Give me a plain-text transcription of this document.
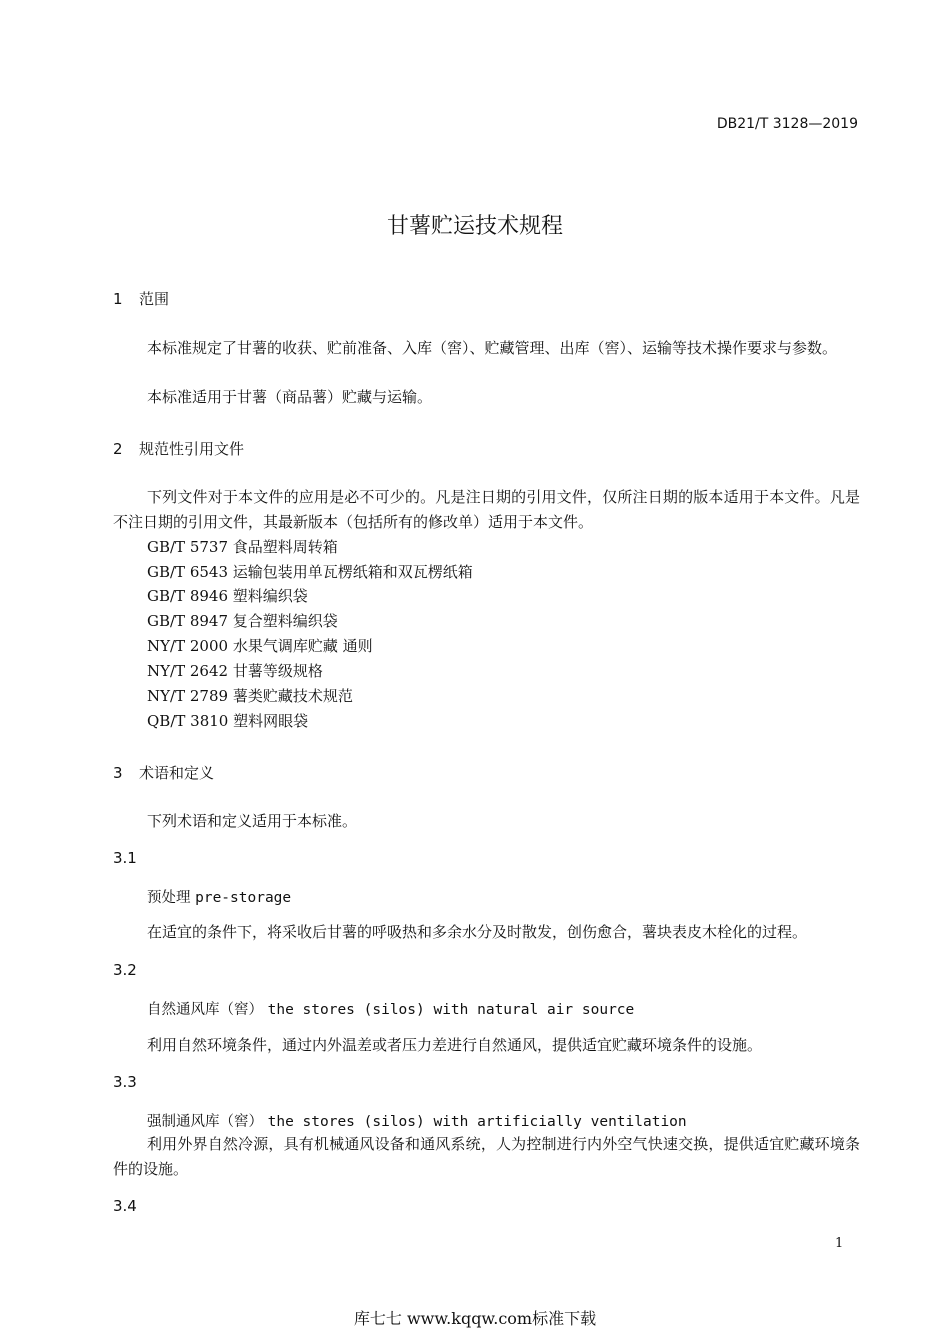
DB21/T 3128—2019
甘薯贮运技术规程
1 范围
本标准规定了甘薯的收获、贮前准备、入库（窖）、贮藏管理、出库（窖）、运输等技术操作要求与参数。
本标准适用于甘薯（商品薯）贮藏与运输。
2 规范性引用文件
下列文件对于本文件的应用是必不可少的。凡是注日期的引用文件，仅所注日期的版本适用于本文件。凡是不注日期的引用文件，其最新版本（包括所有的修改单）适用于本文件。
GB/T 5737 食品塑料周转箱
GB/T 6543 运输包装用单瓦楞纸箱和双瓦楞纸箱
GB/T 8946 塑料编织袋
GB/T 8947 复合塑料编织袋
NY/T 2000 水果气调库贮藏 通则
NY/T 2642 甘薯等级规格
NY/T 2789 薯类贮藏技术规范
QB/T 3810 塑料网眼袋
3 术语和定义
下列术语和定义适用于本标准。
3.1
预处理 pre-storage
在适宜的条件下，将采收后甘薯的呼吸热和多余水分及时散发，创伤愈合，薯块表皮木栓化的过程。
3.2
自然通风库（窖） the stores (silos) with natural air source
利用自然环境条件，通过内外温差或者压力差进行自然通风，提供适宜贮藏环境条件的设施。
3.3
强制通风库（窖） the stores (silos) with artificially ventilation
利用外界自然冷源，具有机械通风设备和通风系统，人为控制进行内外空气快速交换，提供适宜贮藏环境条件的设施。
3.4
1
库七七 www.kqqw.com标准下载
